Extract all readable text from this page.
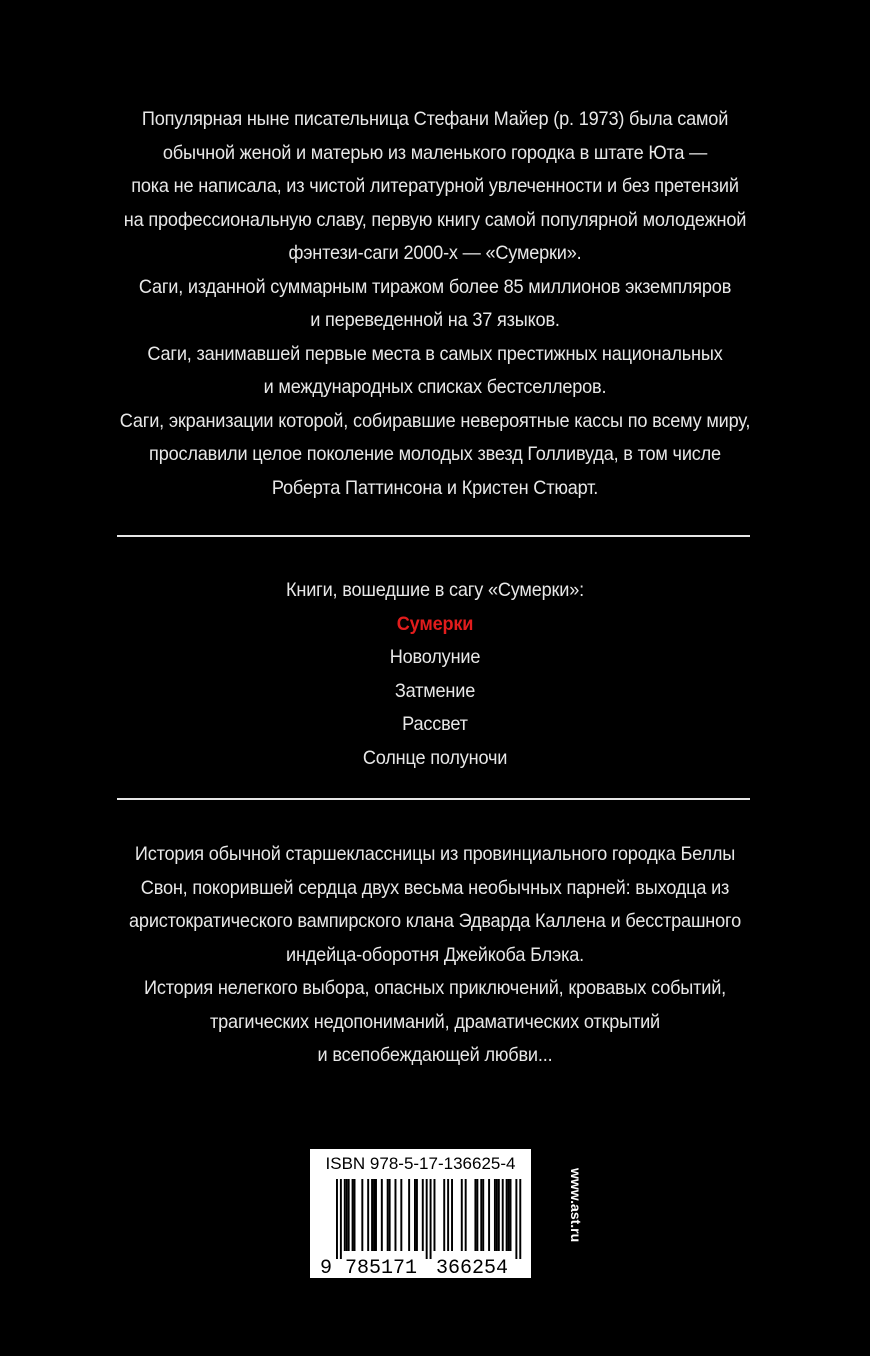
Популярная ныне писательница Стефани Майер (р. 1973) была самой
обычной женой и матерью из маленького городка в штате Юта —
пока не написала, из чистой литературной увлеченности и без претензий
на профессиональную славу, первую книгу самой популярной молодежной
фэнтези-саги 2000-х — «Сумерки».
Саги, изданной суммарным тиражом более 85 миллионов экземпляров
и переведенной на 37 языков.
Саги, занимавшей первые места в самых престижных национальных
и международных списках бестселлеров.
Саги, экранизации которой, собиравшие невероятные кассы по всему миру,
прославили целое поколение молодых звезд Голливуда, в том числе
Роберта Паттинсона и Кристен Стюарт.
Книги, вошедшие в сагу «Сумерки»:
Сумерки
Новолуние
Затмение
Рассвет
Солнце полуночи
История обычной старшеклассницы из провинциального городка Беллы
Свон, покорившей сердца двух весьма необычных парней: выходца из
аристократического вампирского клана Эдварда Каллена и бесстрашного
индейца-оборотня Джейкоба Блэка.
История нелегкого выбора, опасных приключений, кровавых событий,
трагических недопониманий, драматических открытий
и всепобеждающей любви...
ISBN 978-5-17-136625-4
9 785171 366254
www.ast.ru
